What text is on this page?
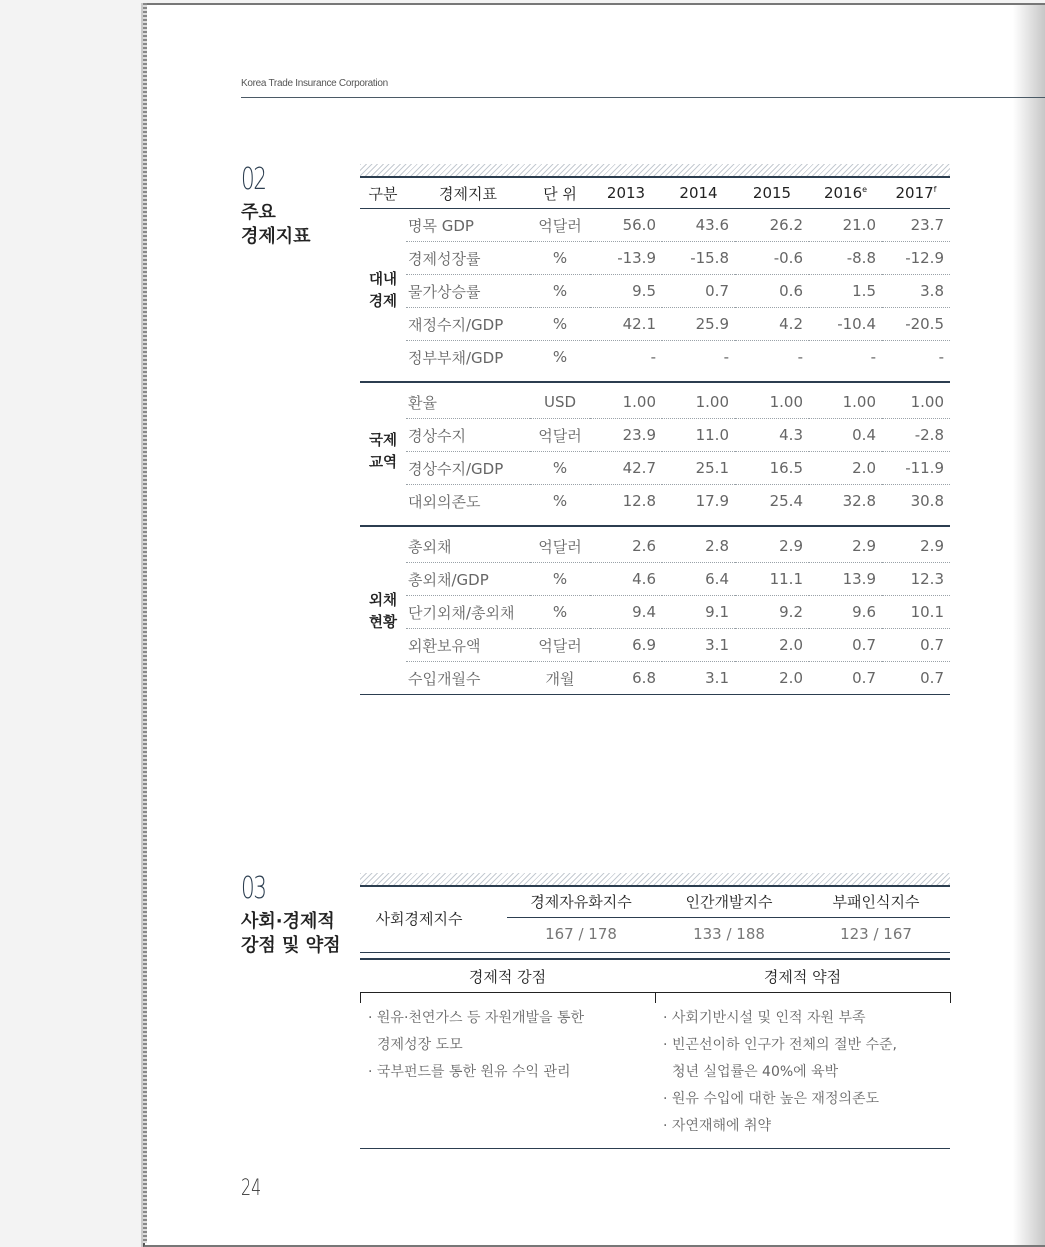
Korea Trade Insurance Corporation
02
주요
경제지표
구분	경제지표	단 위	2013	2014	2015	2016e	2017$^f$

대내
경제	명목 GDP	억달러	56.0	43.6	26.2	21.0	23.7
	경제성장률	%	-13.9	-15.8	-0.6	-8.8	-12.9
	물가상승률	%	9.5	0.7	0.6	1.5	3.8
	재정수지/GDP	%	42.1	25.9	4.2	-10.4	-20.5
	정부부채/GDP	%	-	-	-	-	-

국제
교역	환율	USD	1.00	1.00	1.00	1.00	1.00
	경상수지	억달러	23.9	11.0	4.3	0.4	-2.8
	경상수지/GDP	%	42.7	25.1	16.5	2.0	-11.9
	대외의존도	%	12.8	17.9	25.4	32.8	30.8

외채
현황	총외채	억달러	2.6	2.8	2.9	2.9	2.9
	총외채/GDP	%	4.6	6.4	11.1	13.9	12.3
	단기외채/총외채	%	9.4	9.1	9.2	9.6	10.1
	외환보유액	억달러	6.9	3.1	2.0	0.7	0.7
	수입개월수	개월	6.8	3.1	2.0	0.7	0.7
03
사회·경제적
강점 및 약점
사회경제지수
경제자유화지수	인간개발지수	부패인식지수
167 / 178	133 / 188	123 / 167
경제적 강점	경제적 약점
· 원유·천연가스 등 자원개발을 통한
경제성장 도모
· 국부펀드를 통한 원유 수익 관리
· 사회기반시설 및 인적 자원 부족
· 빈곤선이하 인구가 전체의 절반 수준,
청년 실업률은 40%에 육박
· 원유 수입에 대한 높은 재정의존도
· 자연재해에 취약
24
